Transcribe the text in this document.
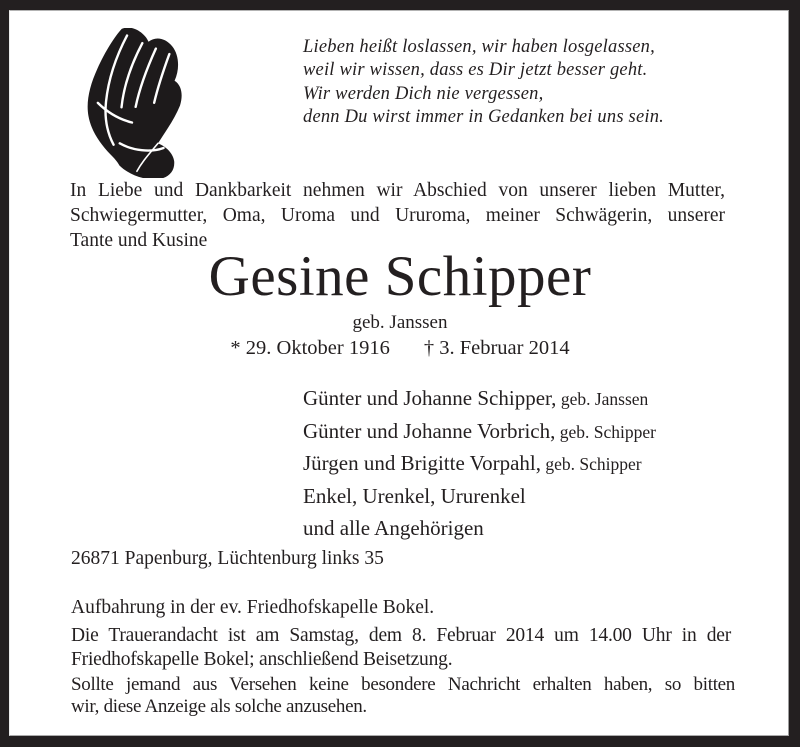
Lieben heißt loslassen, wir haben losgelassen,
weil wir wissen, dass es Dir jetzt besser geht.
Wir werden Dich nie vergessen,
denn Du wirst immer in Gedanken bei uns sein.
In Liebe und Dankbarkeit nehmen wir Abschied von unserer lieben Mutter,
Schwiegermutter, Oma, Uroma und Ururoma, meiner Schwägerin, unserer
Tante und Kusine
Gesine Schipper
geb. Janssen
* 29. Oktober 1916 † 3. Februar 2014
Günter und Johanne Schipper, geb. Janssen
Günter und Johanne Vorbrich, geb. Schipper
Jürgen und Brigitte Vorpahl, geb. Schipper
Enkel, Urenkel, Ururenkel
und alle Angehörigen
26871 Papenburg, Lüchtenburg links 35
Aufbahrung in der ev. Friedhofskapelle Bokel.
Die Trauerandacht ist am Samstag, dem 8. Februar 2014 um 14.00 Uhr in der
Friedhofskapelle Bokel; anschließend Beisetzung.
Sollte jemand aus Versehen keine besondere Nachricht erhalten haben, so bitten
wir, diese Anzeige als solche anzusehen.
